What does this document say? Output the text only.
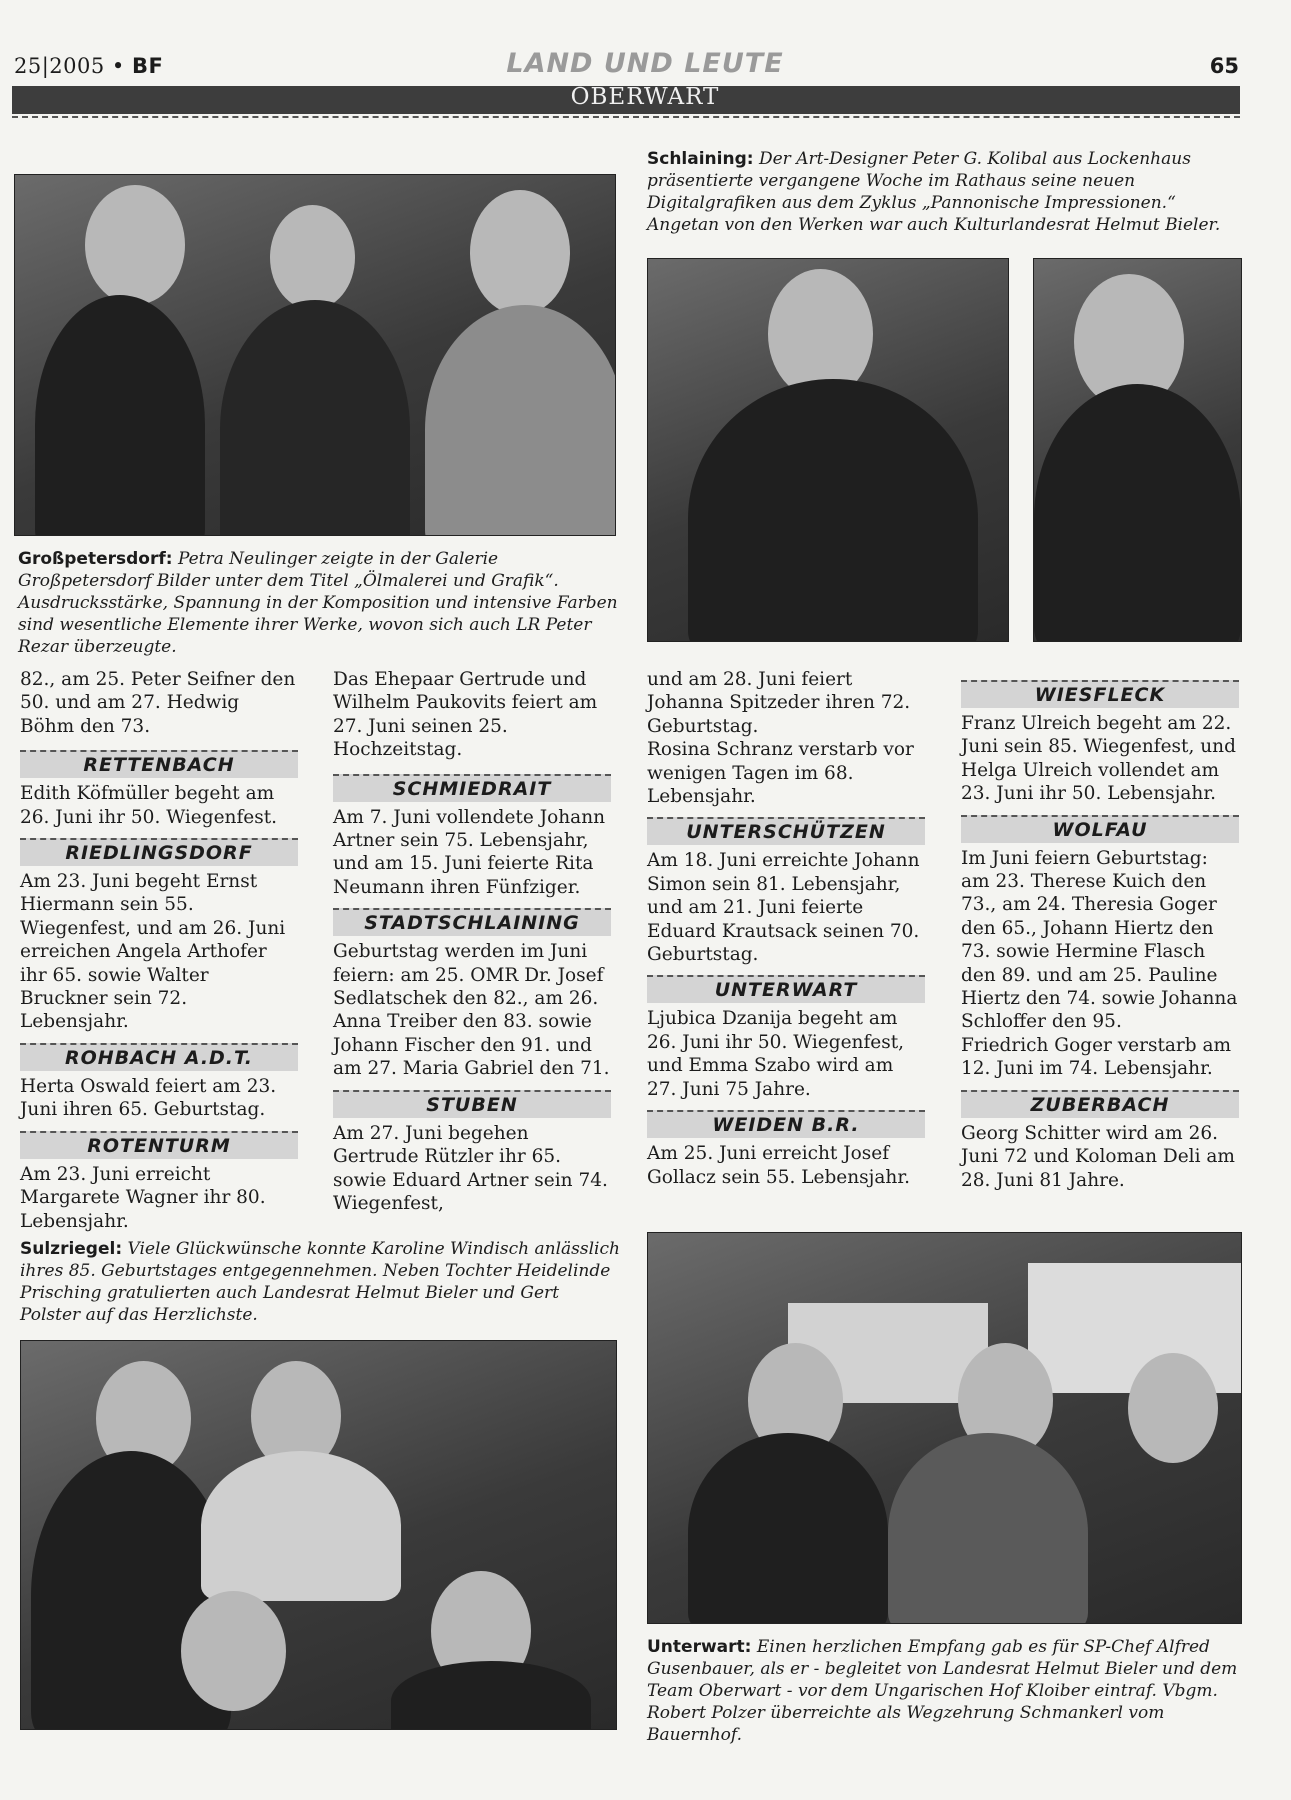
25|2005 • BF	LAND UND LEUTE	65
OBERWART
Schlaining: Der Art-Designer Peter G. Kolibal aus Lockenhaus präsentierte vergangene Woche im Rathaus seine neuen Digitalgrafiken aus dem Zyklus „Pannonische Impressionen.“ Angetan von den Werken war auch Kulturlandesrat Helmut Bieler.
Großpetersdorf: Petra Neulinger zeigte in der Galerie Großpetersdorf Bilder unter dem Titel „Ölmalerei und Grafik“. Ausdrucksstärke, Spannung in der Komposition und intensive Farben sind wesentliche Elemente ihrer Werke, wovon sich auch LR Peter Rezar überzeugte.

82., am 25. Peter Seifner den 50. und am 27. Hedwig Böhm den 73.

RETTENBACH

Edith Köfmüller begeht am 26. Juni ihr 50. Wiegenfest.

RIEDLINGSDORF

Am 23. Juni begeht Ernst Hiermann sein 55. Wiegenfest, und am 26. Juni erreichen Angela Arthofer ihr 65. sowie Walter Bruckner sein 72. Lebensjahr.

ROHBACH A.D.T.

Herta Oswald feiert am 23. Juni ihren 65. Geburtstag.

ROTENTURM

Am 23. Juni erreicht Margarete Wagner ihr 80. Lebensjahr.

Das Ehepaar Gertrude und Wilhelm Paukovits feiert am 27. Juni seinen 25. Hochzeitstag.

SCHMIEDRAIT

Am 7. Juni vollendete Johann Artner sein 75. Lebensjahr, und am 15. Juni feierte Rita Neumann ihren Fünfziger.

STADTSCHLAINING

Geburtstag werden im Juni feiern: am 25. OMR Dr. Josef Sedlatschek den 82., am 26. Anna Treiber den 83. sowie Johann Fischer den 91. und am 27. Maria Gabriel den 71.

STUBEN

Am 27. Juni begehen Gertrude Rützler ihr 65. sowie Eduard Artner sein 74. Wiegenfest,

und am 28. Juni feiert Johanna Spitzeder ihren 72. Geburtstag.

Rosina Schranz verstarb vor wenigen Tagen im 68. Lebensjahr.

UNTERSCHÜTZEN

Am 18. Juni erreichte Johann Simon sein 81. Lebensjahr, und am 21. Juni feierte Eduard Krautsack seinen 70. Geburtstag.

UNTERWART

Ljubica Dzanija begeht am 26. Juni ihr 50. Wiegenfest, und Emma Szabo wird am 27. Juni 75 Jahre.

WEIDEN B.R.

Am 25. Juni erreicht Josef Gollacz sein 55. Lebensjahr.

WIESFLECK

Franz Ulreich begeht am 22. Juni sein 85. Wiegenfest, und Helga Ulreich vollendet am 23. Juni ihr 50. Lebensjahr.

WOLFAU

Im Juni feiern Geburtstag: am 23. Therese Kuich den 73., am 24. Theresia Goger den 65., Johann Hiertz den 73. sowie Hermine Flasch den 89. und am 25. Pauline Hiertz den 74. sowie Johanna Schloffer den 95.

Friedrich Goger verstarb am 12. Juni im 74. Lebensjahr.

ZUBERBACH

Georg Schitter wird am 26. Juni 72 und Koloman Deli am 28. Juni 81 Jahre.

Sulzriegel: Viele Glückwünsche konnte Karoline Windisch anlässlich ihres 85. Geburtstages entgegennehmen. Neben Tochter Heidelinde Prisching gratulierten auch Landesrat Helmut Bieler und Gert Polster auf das Herzlichste.
Unterwart: Einen herzlichen Empfang gab es für SP-Chef Alfred Gusenbauer, als er - begleitet von Landesrat Helmut Bieler und dem Team Oberwart - vor dem Ungarischen Hof Kloiber eintraf. Vbgm. Robert Polzer überreichte als Wegzehrung Schmankerl vom Bauernhof.
